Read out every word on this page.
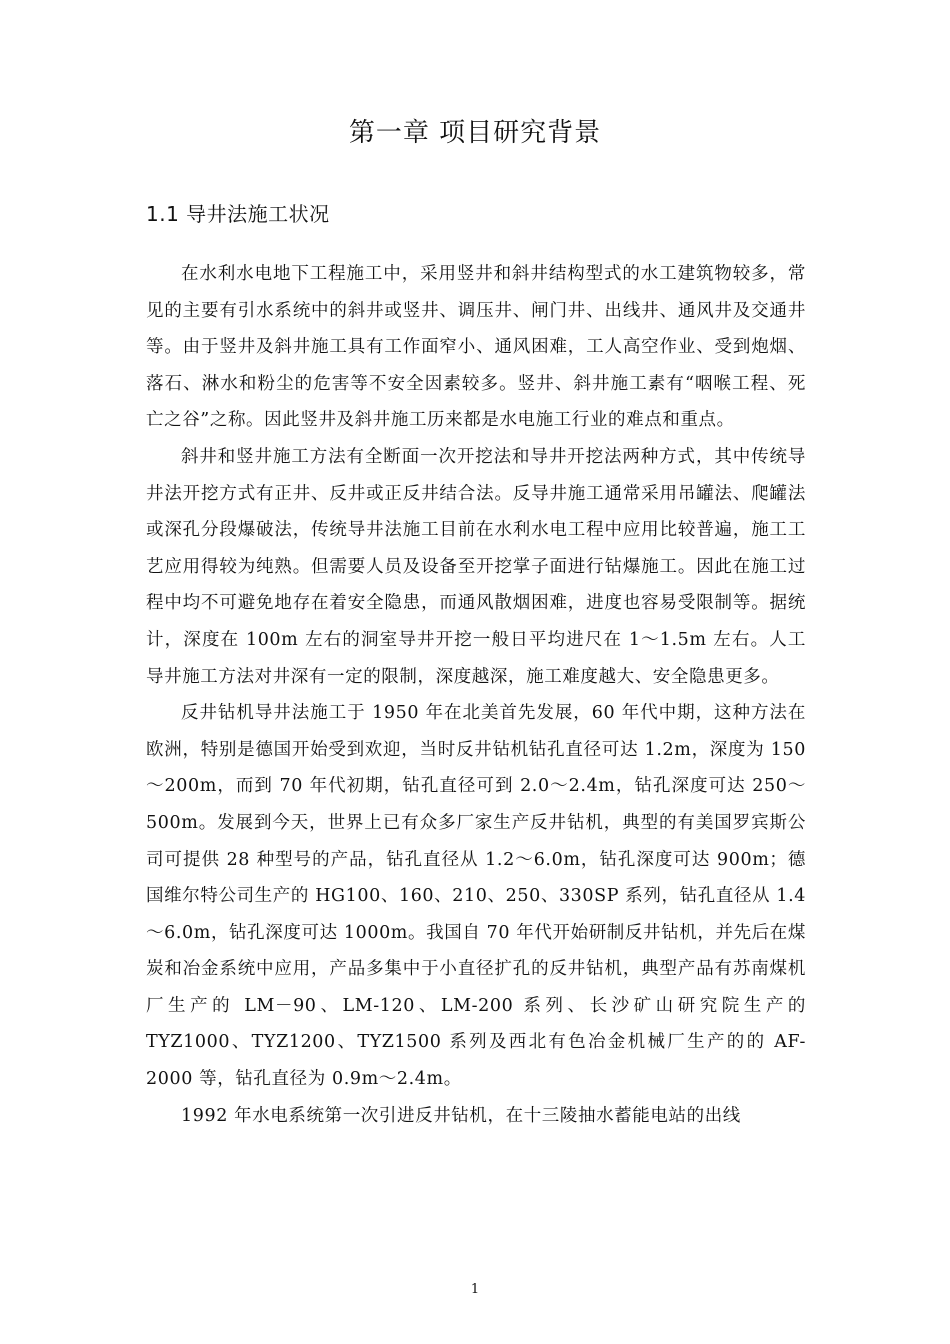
第一章 项目研究背景
1.1 导井法施工状况

在水利水电地下工程施工中，采用竖井和斜井结构型式的水工建筑物较多，常见的主要有引水系统中的斜井或竖井、调压井、闸门井、出线井、通风井及交通井等。由于竖井及斜井施工具有工作面窄小、通风困难，工人高空作业、受到炮烟、落石、淋水和粉尘的危害等不安全因素较多。竖井、斜井施工素有“咽喉工程、死亡之谷”之称。因此竖井及斜井施工历来都是水电施工行业的难点和重点。

斜井和竖井施工方法有全断面一次开挖法和导井开挖法两种方式，其中传统导井法开挖方式有正井、反井或正反井结合法。反导井施工通常采用吊罐法、爬罐法或深孔分段爆破法，传统导井法施工目前在水利水电工程中应用比较普遍，施工工艺应用得较为纯熟。但需要人员及设备至开挖掌子面进行钻爆施工。因此在施工过程中均不可避免地存在着安全隐患，而通风散烟困难，进度也容易受限制等。据统计，深度在 100m 左右的洞室导井开挖一般日平均进尺在 1～1.5m 左右。人工导井施工方法对井深有一定的限制，深度越深，施工难度越大、安全隐患更多。

反井钻机导井法施工于 1950 年在北美首先发展，60 年代中期，这种方法在欧洲，特别是德国开始受到欢迎，当时反井钻机钻孔直径可达 1.2m，深度为 150～200m，而到 70 年代初期，钻孔直径可到 2.0～2.4m，钻孔深度可达 250～500m。发展到今天，世界上已有众多厂家生产反井钻机，典型的有美国罗宾斯公司可提供 28 种型号的产品，钻孔直径从 1.2～6.0m，钻孔深度可达 900m；德国维尔特公司生产的 HG100、160、210、250、330SP 系列，钻孔直径从 1.4～6.0m，钻孔深度可达 1000m。我国自 70 年代开始研制反井钻机，并先后在煤炭和冶金系统中应用，产品多集中于小直径扩孔的反井钻机，典型产品有苏南煤机厂生产的 LM－90、LM-120、LM-200 系列、长沙矿山研究院生产的 TYZ1000、TYZ1200、TYZ1500 系列及西北有色冶金机械厂生产的的 AF-2000 等，钻孔直径为 0.9m～2.4m。

1992 年水电系统第一次引进反井钻机，在十三陵抽水蓄能电站的出线

1
